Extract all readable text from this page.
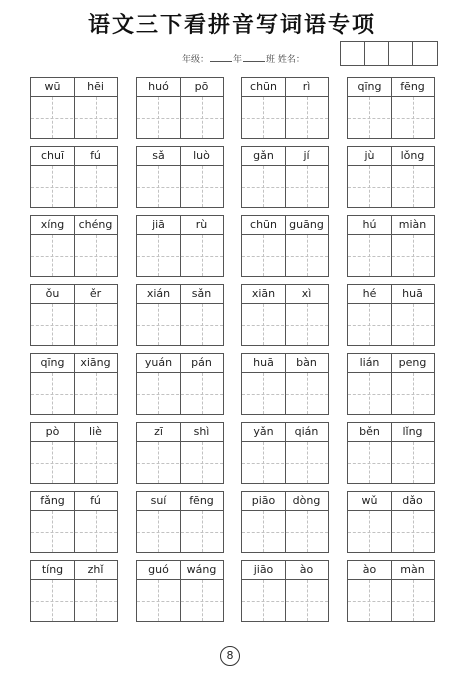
语文三下看拼音写词语专项
年级：	年	班 姓名：
wū	hēi	huó	pō	chūn	rì	qīng	fēng
chuī	fú	sǎ	luò	gǎn	jí	jù	lǒng
xíng	chéng	jiā	rù	chūn	guāng	hú	miàn
ǒu	ěr	xián	sǎn	xiān	xì	hé	huā
qīng	xiāng	yuán	pán	huā	bàn	lián	peng
pò	liè	zī	shì	yǎn	qián	běn	lǐng
fǎng	fú	suí	fēng	piāo	dòng	wǔ	dǎo
tíng	zhǐ	guó	wáng	jiāo	ào	ào	màn
8
